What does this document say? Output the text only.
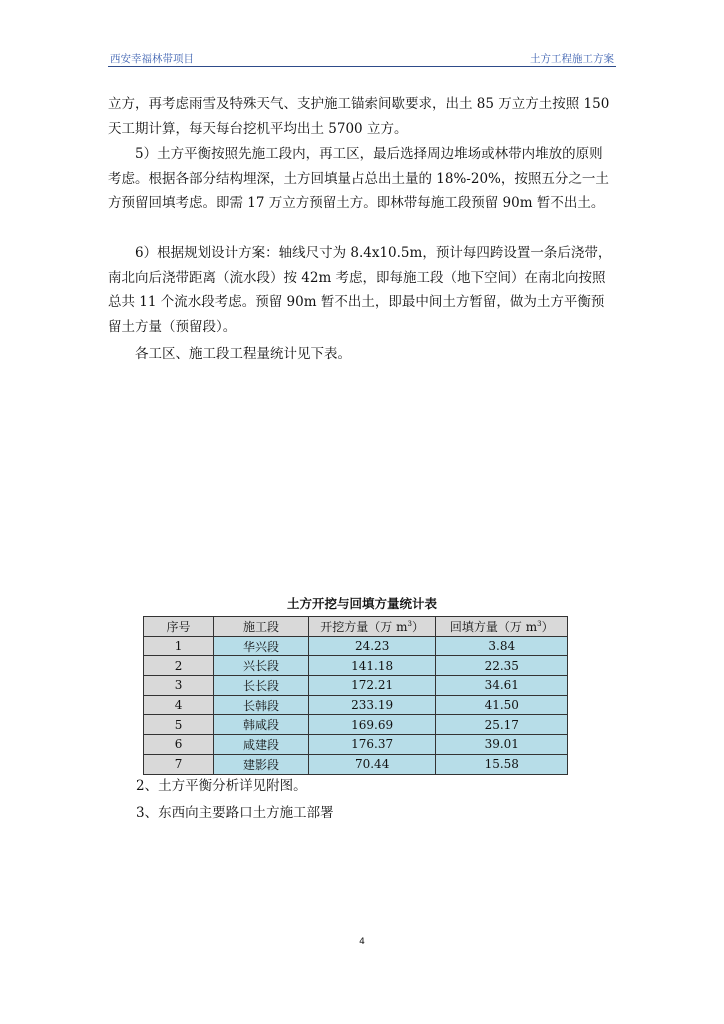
西安幸福林带项目	土方工程施工方案

立方，再考虑雨雪及特殊天气、支护施工锚索间歇要求，出土 85 万立方土按照 150 天工期计算，每天每台挖机平均出土 5700 立方。

5）土方平衡按照先施工段内，再工区，最后选择周边堆场或林带内堆放的原则考虑。根据各部分结构埋深，土方回填量占总出土量的 18%-20%，按照五分之一土方预留回填考虑。即需 17 万立方预留土方。即林带每施工段预留 90m 暂不出土。

6）根据规划设计方案：轴线尺寸为 8.4x10.5m，预计每四跨设置一条后浇带，南北向后浇带距离（流水段）按 42m 考虑，即每施工段（地下空间）在南北向按照总共 11 个流水段考虑。预留 90m 暂不出土，即最中间土方暂留，做为土方平衡预留土方量（预留段）。

各工区、施工段工程量统计见下表。

土方开挖与回填方量统计表
序号	施工段	开挖方量（万 $m^3$）	回填方量（万 $m^3$）
1	华兴段	24.23	3.84
2	兴长段	141.18	22.35
3	长长段	172.21	34.61
4	长韩段	233.19	41.50
5	韩咸段	169.69	25.17
6	咸建段	176.37	39.01
7	建影段	70.44	15.58
2、土方平衡分析详见附图。
3、东西向主要路口土方施工部署
4
